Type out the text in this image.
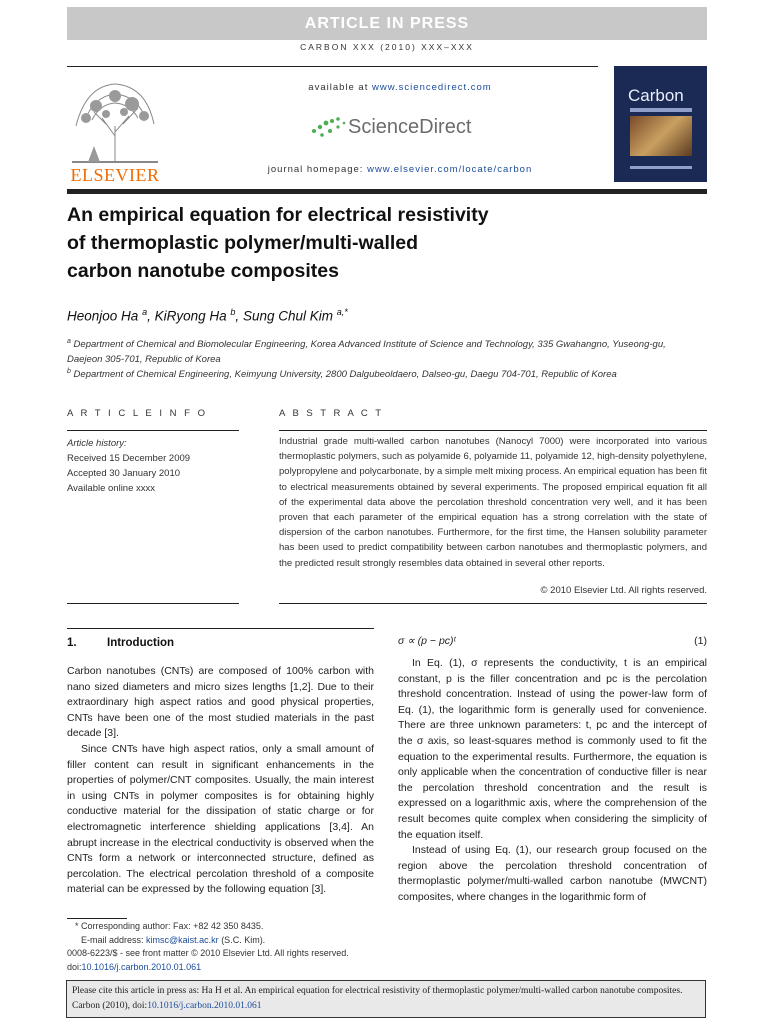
ARTICLE IN PRESS
CARBON XXX (2010) XXX–XXX
ELSEVIER
available at www.sciencedirect.com
ScienceDirect
journal homepage: www.elsevier.com/locate/carbon
Carbon
An empirical equation for electrical resistivity
of thermoplastic polymer/multi-walled
carbon nanotube composites
Heonjoo Ha $^a$, KiRyong Ha $^b$, Sung Chul Kim $^{a,*}$
$^a$ Department of Chemical and Biomolecular Engineering, Korea Advanced Institute of Science and Technology, 335 Gwahangno, Yuseong-gu,
Daejeon 305-701, Republic of Korea
$^b$ Department of Chemical Engineering, Keimyung University, 2800 Dalgubeoldaero, Dalseo-gu, Daegu 704-701, Republic of Korea
A R T I C L E I N F O
Article history:
Received 15 December 2009
Accepted 30 January 2010
Available online xxxx
A B S T R A C T
Industrial grade multi-walled carbon nanotubes (Nanocyl 7000) were incorporated into various thermoplastic polymers, such as polyamide 6, polyamide 11, polyamide 12, high-density polyethylene, polypropylene and polycarbonate, by a simple melt mixing process. An empirical equation has been fit to electrical measurements obtained by several experiments. The proposed empirical equation fit all of the experimental data above the percolation threshold concentration very well, and it has been proven that each parameter of the empirical equation has a strong correlation with the state of dispersion of the carbon nanotubes. Furthermore, for the first time, the Hansen solubility parameter has been used to predict compatibility between carbon nanotubes and thermoplastic polymers, and the predicted result strongly resembles data obtained in several other reports.
© 2010 Elsevier Ltd. All rights reserved.
1.	Introduction

Carbon nanotubes (CNTs) are composed of 100% carbon with nano sized diameters and micro sizes lengths [1,2]. Due to their extraordinary high aspect ratios and good physical properties, CNTs have been one of the most studied materials in the past decade [3].

Since CNTs have high aspect ratios, only a small amount of filler content can result in significant enhancements in the properties of polymer/CNT composites. Usually, the main interest in using CNTs in polymer composites is for obtaining highly conductive material for the dissipation of static charge or for electromagnetic interference shielding applications [3,4]. An abrupt increase in the electrical conductivity is observed when the CNTs form a network or interconnected structure, defined as percolation. The electrical percolation threshold of a composite material can be expressed by the following equation [3].

σ ∝ (p − pc)ᵗ	(1)

In Eq. (1), σ represents the conductivity, t is an empirical constant, p is the filler concentration and pc is the percolation threshold concentration. Instead of using the power-law form of Eq. (1), the logarithmic form is generally used for convenience. There are three unknown parameters: t, pc and the intercept of the σ axis, so least-squares method is commonly used to fit the equation to the experimental results. Furthermore, the equation is only applicable when the concentration of conductive filler is near the percolation threshold concentration and the result is expressed on a logarithmic axis, where the comprehension of the result becomes quite complex when considering the simplicity of the equation itself.

Instead of using Eq. (1), our research group focused on the region above the percolation threshold concentration of thermoplastic polymer/multi-walled carbon nanotube (MWCNT) composites, where changes in the logarithmic form of

* Corresponding author: Fax: +82 42 350 8435.
E-mail address: kimsc@kaist.ac.kr (S.C. Kim).
0008-6223/$ - see front matter © 2010 Elsevier Ltd. All rights reserved.
doi:10.1016/j.carbon.2010.01.061
Please cite this article in press as: Ha H et al. An empirical equation for electrical resistivity of thermoplastic polymer/multi-walled carbon nanotube composites. Carbon (2010), doi:10.1016/j.carbon.2010.01.061
